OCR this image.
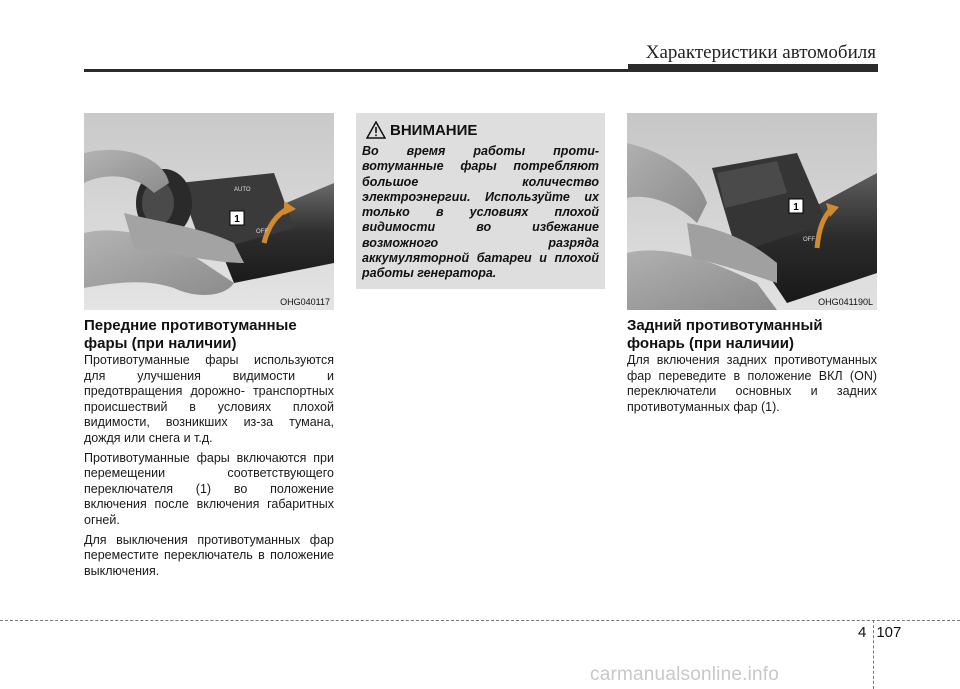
Характеристики автомобиля
1
AUTO
OFF
OHG040117
Передние противотуманные
фары (при наличии)

Противотуманные фары используются для улучшения видимости и предотвращения дорожно- транспортных происшествий в условиях плохой видимости, возникших из-за тумана, дождя или снега и т.д.

Противотуманные фары включаются при перемещении соответствующего переключателя (1) во положение включения после включения габаритных огней.

Для выключения противотуманных фар переместите переключатель в положение выключения.

ВНИМАНИЕ
Во время работы проти- вотуманные фары потребляют большое количество электроэнергии. Используйте их только в условиях плохой видимости во избежание возможного разряда аккумуляторной батареи и плохой работы генератора.
1
OFF
OHG041190L
Задний противотуманный
фонарь (при наличии)

Для включения задних противотуманных фар переведите в положение ВКЛ (ON) переключатели основных и задних противотуманных фар (1).

4 107
carmanualsonline.info
